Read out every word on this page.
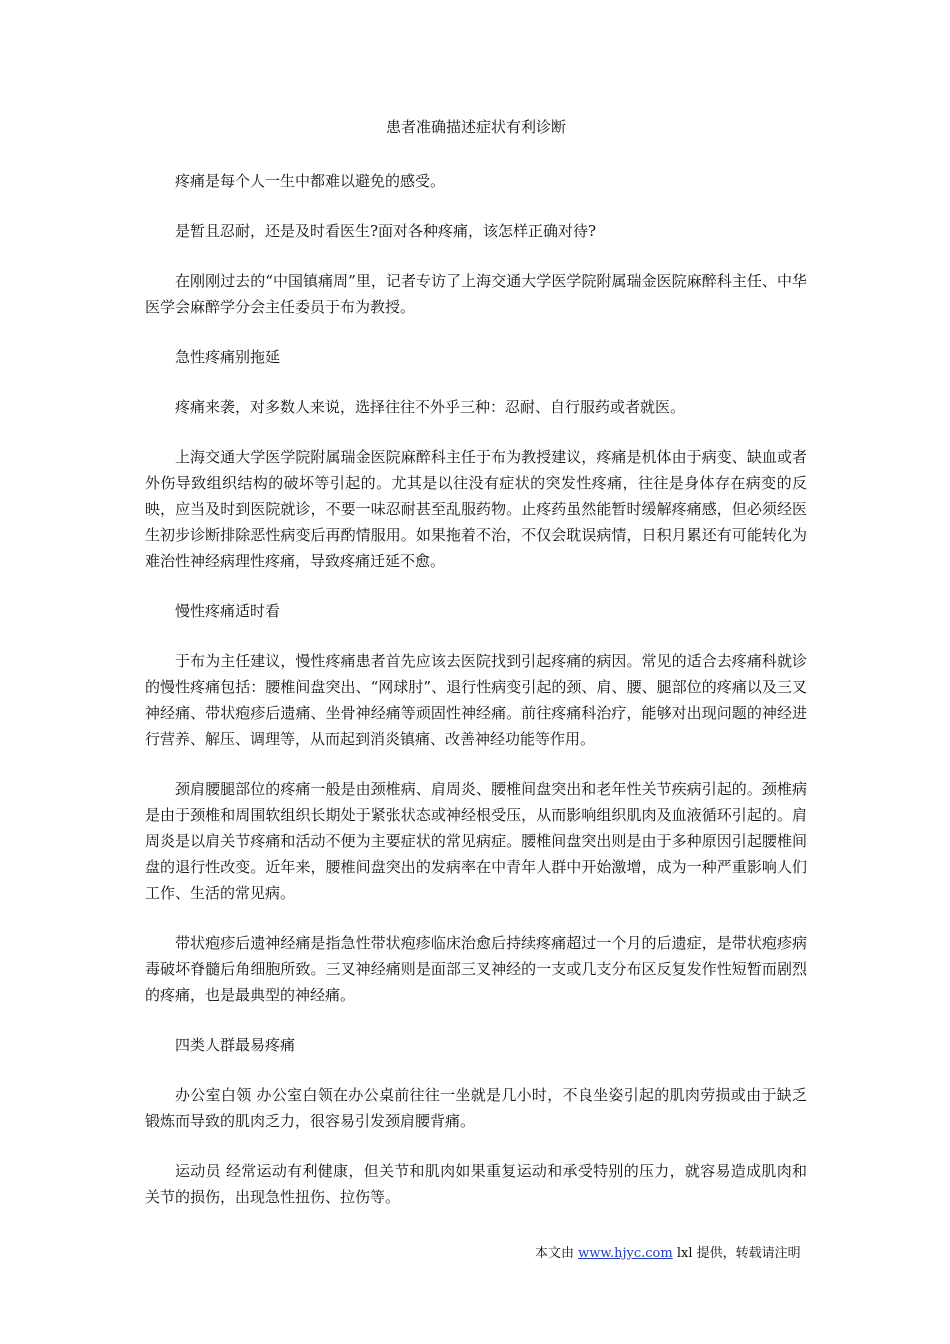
患者准确描述症状有利诊断

疼痛是每个人一生中都难以避免的感受。

是暂且忍耐，还是及时看医生?面对各种疼痛，该怎样正确对待?

在刚刚过去的“中国镇痛周”里，记者专访了上海交通大学医学院附属瑞金医院麻醉科主任、中华医学会麻醉学分会主任委员于布为教授。

急性疼痛别拖延

疼痛来袭，对多数人来说，选择往往不外乎三种：忍耐、自行服药或者就医。

上海交通大学医学院附属瑞金医院麻醉科主任于布为教授建议，疼痛是机体由于病变、缺血或者外伤导致组织结构的破坏等引起的。尤其是以往没有症状的突发性疼痛，往往是身体存在病变的反映，应当及时到医院就诊，不要一味忍耐甚至乱服药物。止疼药虽然能暂时缓解疼痛感，但必须经医生初步诊断排除恶性病变后再酌情服用。如果拖着不治，不仅会耽误病情，日积月累还有可能转化为难治性神经病理性疼痛，导致疼痛迁延不愈。

慢性疼痛适时看

于布为主任建议，慢性疼痛患者首先应该去医院找到引起疼痛的病因。常见的适合去疼痛科就诊的慢性疼痛包括：腰椎间盘突出、“网球肘”、退行性病变引起的颈、肩、腰、腿部位的疼痛以及三叉神经痛、带状疱疹后遗痛、坐骨神经痛等顽固性神经痛。前往疼痛科治疗，能够对出现问题的神经进行营养、解压、调理等，从而起到消炎镇痛、改善神经功能等作用。

颈肩腰腿部位的疼痛一般是由颈椎病、肩周炎、腰椎间盘突出和老年性关节疾病引起的。颈椎病是由于颈椎和周围软组织长期处于紧张状态或神经根受压，从而影响组织肌肉及血液循环引起的。肩周炎是以肩关节疼痛和活动不便为主要症状的常见病症。腰椎间盘突出则是由于多种原因引起腰椎间盘的退行性改变。近年来，腰椎间盘突出的发病率在中青年人群中开始激增，成为一种严重影响人们工作、生活的常见病。

带状疱疹后遗神经痛是指急性带状疱疹临床治愈后持续疼痛超过一个月的后遗症，是带状疱疹病毒破坏脊髓后角细胞所致。三叉神经痛则是面部三叉神经的一支或几支分布区反复发作性短暂而剧烈的疼痛，也是最典型的神经痛。

四类人群最易疼痛

办公室白领 办公室白领在办公桌前往往一坐就是几小时，不良坐姿引起的肌肉劳损或由于缺乏锻炼而导致的肌肉乏力，很容易引发颈肩腰背痛。

运动员 经常运动有利健康，但关节和肌肉如果重复运动和承受特别的压力，就容易造成肌肉和关节的损伤，出现急性扭伤、拉伤等。

本文由 www.hjyc.com lxl 提供，转载请注明
